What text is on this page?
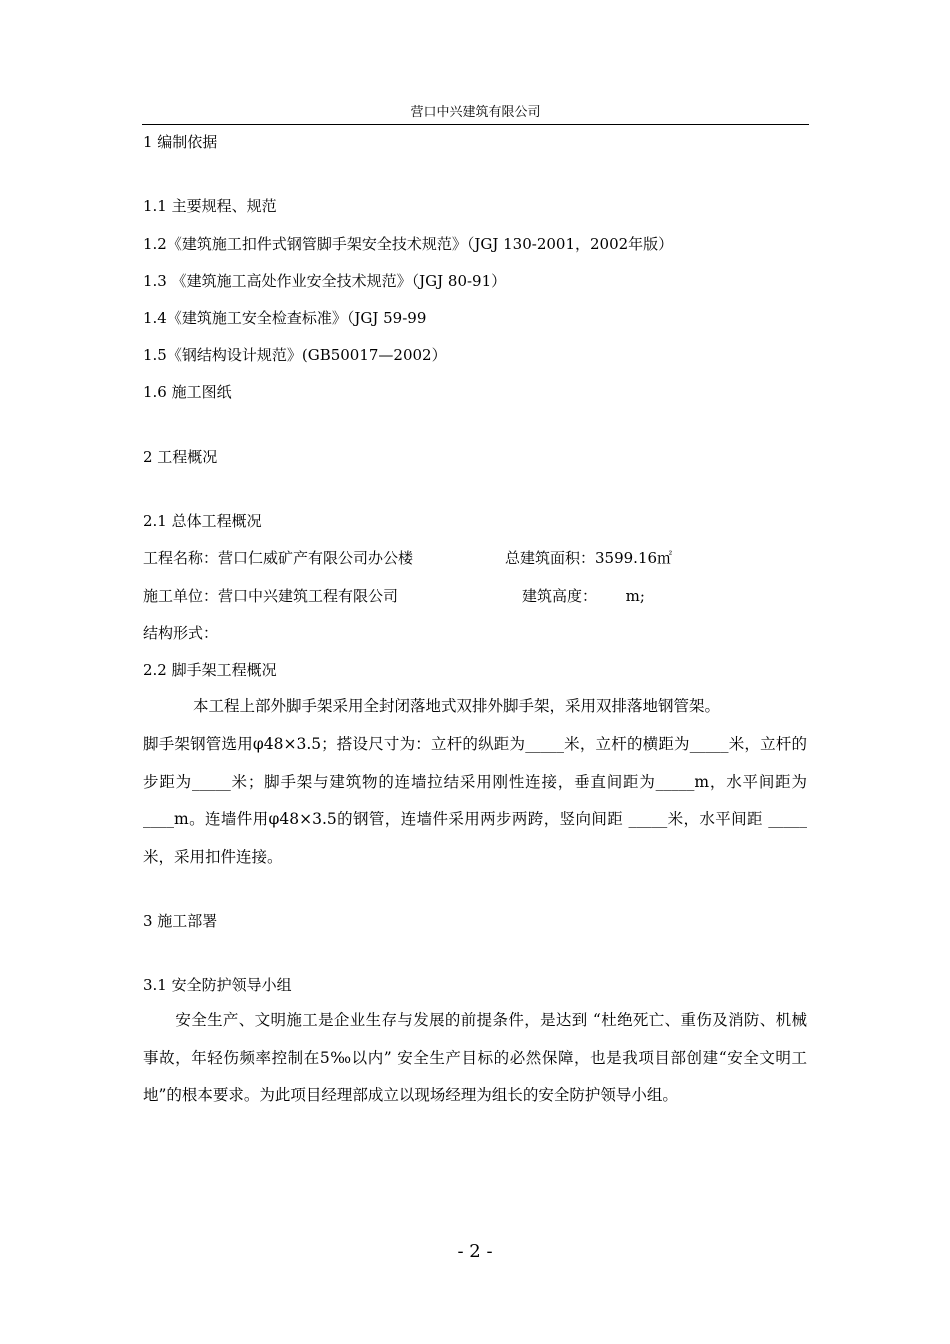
营口中兴建筑有限公司
1 编制依据
1.1 主要规程、规范
1.2《建筑施工扣件式钢管脚手架安全技术规范》（JGJ 130-2001，2002年版）
1.3 《建筑施工高处作业安全技术规范》（JGJ 80-91）
1.4《建筑施工安全检查标准》（JGJ 59-99
1.5《钢结构设计规范》(GB50017—2002）
1.6 施工图纸
2 工程概况
2.1 总体工程概况
工程名称：营口仁威矿产有限公司办公楼	总建筑面积：3599.16㎡
施工单位：营口中兴建筑工程有限公司	建筑高度：      m;
结构形式：
2.2 脚手架工程概况
本工程上部外脚手架采用全封闭落地式双排外脚手架，采用双排落地钢管架。
脚手架钢管选用φ48×3.5；搭设尺寸为：立杆的纵距为_____米，立杆的横距为_____米，立杆的步距为_____米；脚手架与建筑物的连墙拉结采用刚性连接，垂直间距为_____m，水平间距为____m。连墙件用φ48×3.5的钢管，连墙件采用两步两跨，竖向间距 _____米，水平间距 _____米，采用扣件连接。
3 施工部署
3.1 安全防护领导小组
安全生产、文明施工是企业生存与发展的前提条件，是达到 “杜绝死亡、重伤及消防、机械事故，年轻伤频率控制在5‰以内” 安全生产目标的必然保障，也是我项目部创建“安全文明工地”的根本要求。为此项目经理部成立以现场经理为组长的安全防护领导小组。
- 2 -
